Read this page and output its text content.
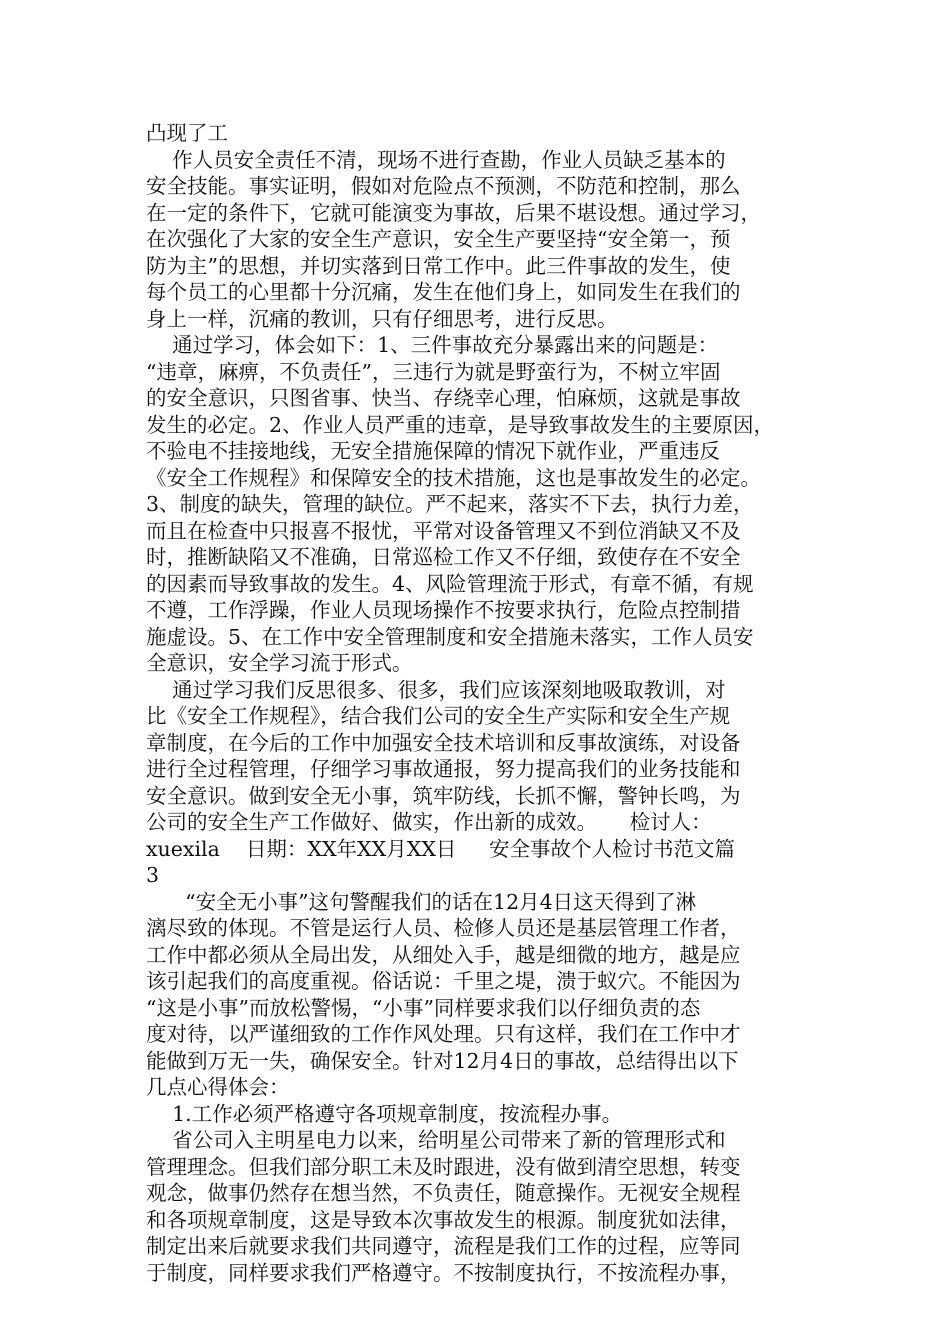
凸现了工
作人员安全责任不清，现场不进行查勘，作业人员缺乏基本的
安全技能。事实证明，假如对危险点不预测，不防范和控制，那么
在一定的条件下，它就可能演变为事故，后果不堪设想。通过学习，
在次强化了大家的安全生产意识，安全生产要坚持“安全第一，预
防为主”的思想，并切实落到日常工作中。此三件事故的发生，使
每个员工的心里都十分沉痛，发生在他们身上，如同发生在我们的
身上一样，沉痛的教训，只有仔细思考，进行反思。
通过学习，体会如下：1、三件事故充分暴露出来的问题是：
“违章，麻痹，不负责任”，三违行为就是野蛮行为，不树立牢固
的安全意识，只图省事、快当、存绕幸心理，怕麻烦，这就是事故
发生的必定。2、作业人员严重的违章，是导致事故发生的主要原因，
不验电不挂接地线，无安全措施保障的情况下就作业，严重违反
《安全工作规程》和保障安全的技术措施，这也是事故发生的必定。
3、制度的缺失，管理的缺位。严不起来，落实不下去，执行力差，
而且在检查中只报喜不报忧，平常对设备管理又不到位消缺又不及
时，推断缺陷又不准确，日常巡检工作又不仔细，致使存在不安全
的因素而导致事故的发生。4、风险管理流于形式，有章不循，有规
不遵，工作浮躁，作业人员现场操作不按要求执行，危险点控制措
施虚设。5、在工作中安全管理制度和安全措施未落实，工作人员安
全意识，安全学习流于形式。
通过学习我们反思很多、很多，我们应该深刻地吸取教训，对
比《安全工作规程》，结合我们公司的安全生产实际和安全生产规
章制度，在今后的工作中加强安全技术培训和反事故演练，对设备
进行全过程管理，仔细学习事故通报，努力提高我们的业务技能和
安全意识。做到安全无小事，筑牢防线，长抓不懈，警钟长鸣，为
公司的安全生产工作做好、做实，作出新的成效。     检讨人：
xuexila    日期：XX年XX月XX日     安全事故个人检讨书范文篇
3
“安全无小事”这句警醒我们的话在12月4日这天得到了淋
漓尽致的体现。不管是运行人员、检修人员还是基层管理工作者，
工作中都必须从全局出发，从细处入手，越是细微的地方，越是应
该引起我们的高度重视。俗话说：千里之堤，溃于蚁穴。不能因为
“这是小事”而放松警惕，“小事”同样要求我们以仔细负责的态
度对待，以严谨细致的工作作风处理。只有这样，我们在工作中才
能做到万无一失，确保安全。针对12月4日的事故，总结得出以下
几点心得体会：
1.工作必须严格遵守各项规章制度，按流程办事。
省公司入主明星电力以来，给明星公司带来了新的管理形式和
管理理念。但我们部分职工未及时跟进，没有做到清空思想，转变
观念，做事仍然存在想当然，不负责任，随意操作。无视安全规程
和各项规章制度，这是导致本次事故发生的根源。制度犹如法律，
制定出来后就要求我们共同遵守，流程是我们工作的过程，应等同
于制度，同样要求我们严格遵守。不按制度执行，不按流程办事，
